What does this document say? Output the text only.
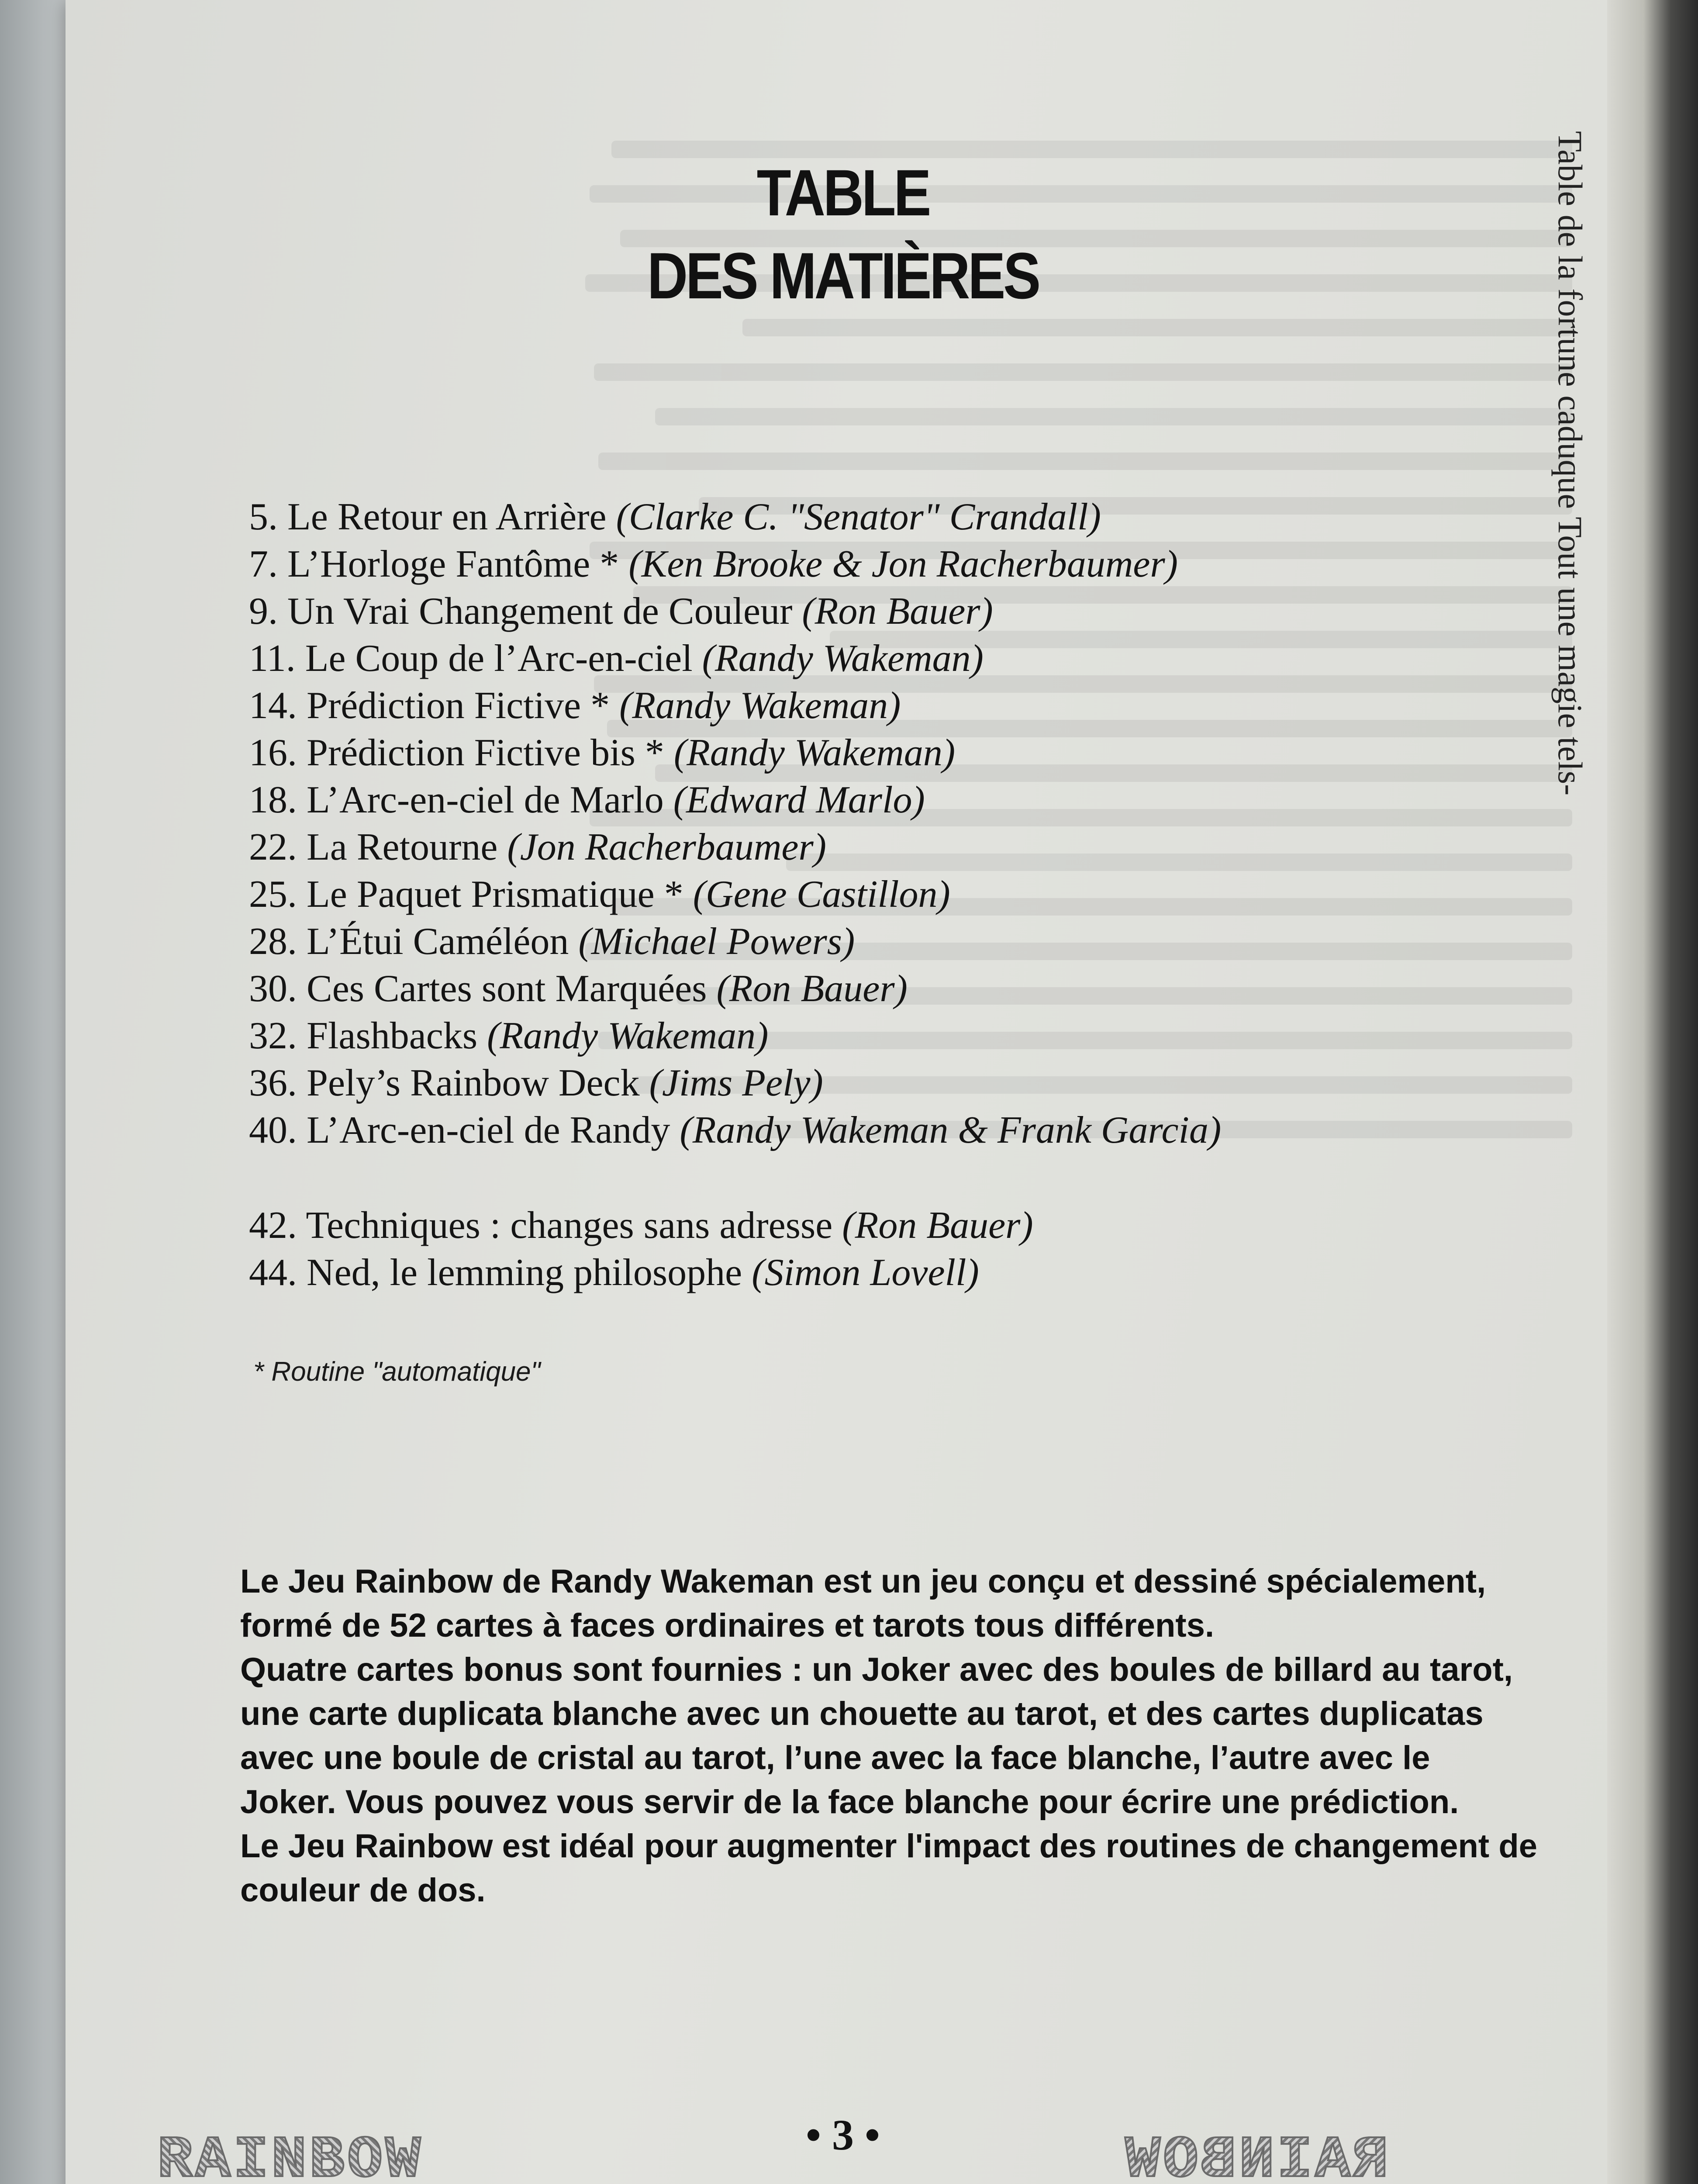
TABLE
DES MATIÈRES
5. Le Retour en Arrière (Clarke C. "Senator" Crandall)
7. L’Horloge Fantôme * (Ken Brooke & Jon Racherbaumer)
9. Un Vrai Changement de Couleur (Ron Bauer)
11. Le Coup de l’Arc-en-ciel (Randy Wakeman)
14. Prédiction Fictive * (Randy Wakeman)
16. Prédiction Fictive bis * (Randy Wakeman)
18. L’Arc-en-ciel de Marlo (Edward Marlo)
22. La Retourne (Jon Racherbaumer)
25. Le Paquet Prismatique * (Gene Castillon)
28. L’Étui Caméléon (Michael Powers)
30. Ces Cartes sont Marquées (Ron Bauer)
32. Flashbacks (Randy Wakeman)
36. Pely’s Rainbow Deck (Jims Pely)
40. L’Arc-en-ciel de Randy (Randy Wakeman & Frank Garcia)
42. Techniques : changes sans adresse (Ron Bauer)
44. Ned, le lemming philosophe (Simon Lovell)
* Routine "automatique"
Le Jeu Rainbow de Randy Wakeman est un jeu conçu et dessiné spécialement,
formé de 52 cartes à faces ordinaires et tarots tous différents.
Quatre cartes bonus sont fournies : un Joker avec des boules de billard au tarot,
une carte duplicata blanche avec un chouette au tarot, et des cartes duplicatas
avec une boule de cristal au tarot, l’une avec la face blanche, l’autre avec le
Joker. Vous pouvez vous servir de la face blanche pour écrire une prédiction.
Le Jeu Rainbow est idéal pour augmenter l'impact des routines de changement de
couleur de dos.
RAINBOW	• 3 •	RAINBOW
Table de la fortune caduque Tout une magie tels-
